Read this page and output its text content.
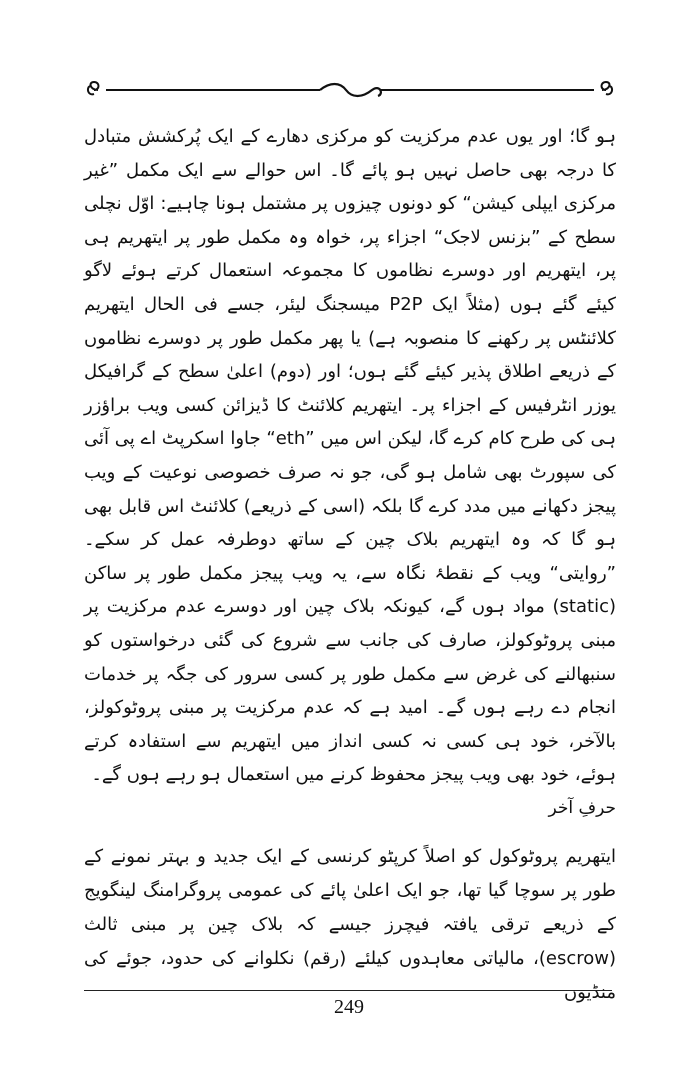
ہو گا؛ اور یوں عدم مرکزیت کو مرکزی دھارے کے ایک پُرکشش متبادل کا درجہ بھی حاصل نہیں ہو پائے گا۔ اس حوالے سے ایک مکمل ”غیر مرکزی ایپلی کیشن“ کو دونوں چیزوں پر مشتمل ہونا چاہیے: اوّل نچلی سطح کے ”بزنس لاجک“ اجزاء پر، خواہ وہ مکمل طور پر ایتھریم ہی پر، ایتھریم اور دوسرے نظاموں کا مجموعہ استعمال کرتے ہوئے لاگو کیئے گئے ہوں (مثلاً ایک P2P میسجنگ لیئر، جسے فی الحال ایتھریم کلائنٹس پر رکھنے کا منصوبہ ہے) یا پھر مکمل طور پر دوسرے نظاموں کے ذریعے اطلاق پذیر کیئے گئے ہوں؛ اور (دوم) اعلیٰ سطح کے گرافیکل یوزر انٹرفیس کے اجزاء پر۔ ایتھریم کلائنٹ کا ڈیزائن کسی ویب براؤزر ہی کی طرح کام کرے گا، لیکن اس میں ”eth“ جاوا اسکرپٹ اے پی آئی کی سپورٹ بھی شامل ہو گی، جو نہ صرف خصوصی نوعیت کے ویب پیجز دکھانے میں مدد کرے گا بلکہ (اسی کے ذریعے) کلائنٹ اس قابل بھی ہو گا کہ وہ ایتھریم بلاک چین کے ساتھ دوطرفہ عمل کر سکے۔ ”روایتی“ ویب کے نقطۂ نگاہ سے، یہ ویب پیجز مکمل طور پر ساکن (static) مواد ہوں گے، کیونکہ بلاک چین اور دوسرے عدم مرکزیت پر مبنی پروٹوکولز، صارف کی جانب سے شروع کی گئی درخواستوں کو سنبھالنے کی غرض سے مکمل طور پر کسی سرور کی جگہ پر خدمات انجام دے رہے ہوں گے۔ امید ہے کہ عدم مرکزیت پر مبنی پروٹوکولز، بالآخر، خود ہی کسی نہ کسی انداز میں ایتھریم سے استفادہ کرتے ہوئے، خود بھی ویب پیجز محفوظ کرنے میں استعمال ہو رہے ہوں گے۔

حرفِ آخر

ایتھریم پروٹوکول کو اصلاً کرپٹو کرنسی کے ایک جدید و بہتر نمونے کے طور پر سوچا گیا تھا، جو ایک اعلیٰ پائے کی عمومی پروگرامنگ لینگویج کے ذریعے ترقی یافتہ فیچرز جیسے کہ بلاک چین پر مبنی ثالث (escrow)، مالیاتی معاہدوں کیلئے (رقم) نکلوانے کی حدود، جوئے کی منڈیوں

249
